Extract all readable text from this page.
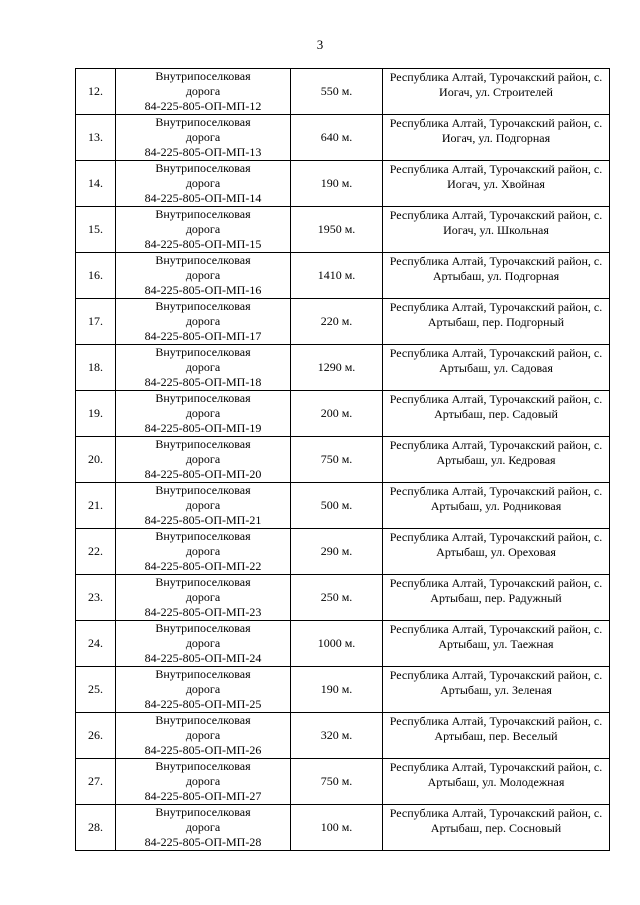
3
12.	Внутрипоселковая
дорога
84-225-805-ОП-МП-12	550 м.	Республика Алтай, Турочакский район, с.
Иогач, ул. Строителей

13.	Внутрипоселковая
дорога
84-225-805-ОП-МП-13	640 м.	Республика Алтай, Турочакский район, с.
Иогач, ул. Подгорная

14.	Внутрипоселковая
дорога
84-225-805-ОП-МП-14	190 м.	Республика Алтай, Турочакский район, с.
Иогач, ул. Хвойная

15.	Внутрипоселковая
дорога
84-225-805-ОП-МП-15	1950 м.	Республика Алтай, Турочакский район, с.
Иогач, ул. Школьная

16.	Внутрипоселковая
дорога
84-225-805-ОП-МП-16	1410 м.	Республика Алтай, Турочакский район, с.
Артыбаш, ул. Подгорная

17.	Внутрипоселковая
дорога
84-225-805-ОП-МП-17	220 м.	Республика Алтай, Турочакский район, с.
Артыбаш, пер. Подгорный

18.	Внутрипоселковая
дорога
84-225-805-ОП-МП-18	1290 м.	Республика Алтай, Турочакский район, с.
Артыбаш, ул. Садовая

19.	Внутрипоселковая
дорога
84-225-805-ОП-МП-19	200 м.	Республика Алтай, Турочакский район, с.
Артыбаш, пер. Садовый

20.	Внутрипоселковая
дорога
84-225-805-ОП-МП-20	750 м.	Республика Алтай, Турочакский район, с.
Артыбаш, ул. Кедровая

21.	Внутрипоселковая
дорога
84-225-805-ОП-МП-21	500 м.	Республика Алтай, Турочакский район, с.
Артыбаш, ул. Родниковая

22.	Внутрипоселковая
дорога
84-225-805-ОП-МП-22	290 м.	Республика Алтай, Турочакский район, с.
Артыбаш, ул. Ореховая

23.	Внутрипоселковая
дорога
84-225-805-ОП-МП-23	250 м.	Республика Алтай, Турочакский район, с.
Артыбаш, пер. Радужный

24.	Внутрипоселковая
дорога
84-225-805-ОП-МП-24	1000 м.	Республика Алтай, Турочакский район, с.
Артыбаш, ул. Таежная

25.	Внутрипоселковая
дорога
84-225-805-ОП-МП-25	190 м.	Республика Алтай, Турочакский район, с.
Артыбаш, ул. Зеленая

26.	Внутрипоселковая
дорога
84-225-805-ОП-МП-26	320 м.	Республика Алтай, Турочакский район, с.
Артыбаш, пер. Веселый

27.	Внутрипоселковая
дорога
84-225-805-ОП-МП-27	750 м.	Республика Алтай, Турочакский район, с.
Артыбаш, ул. Молодежная

28.	Внутрипоселковая
дорога
84-225-805-ОП-МП-28	100 м.	Республика Алтай, Турочакский район, с.
Артыбаш, пер. Сосновый
